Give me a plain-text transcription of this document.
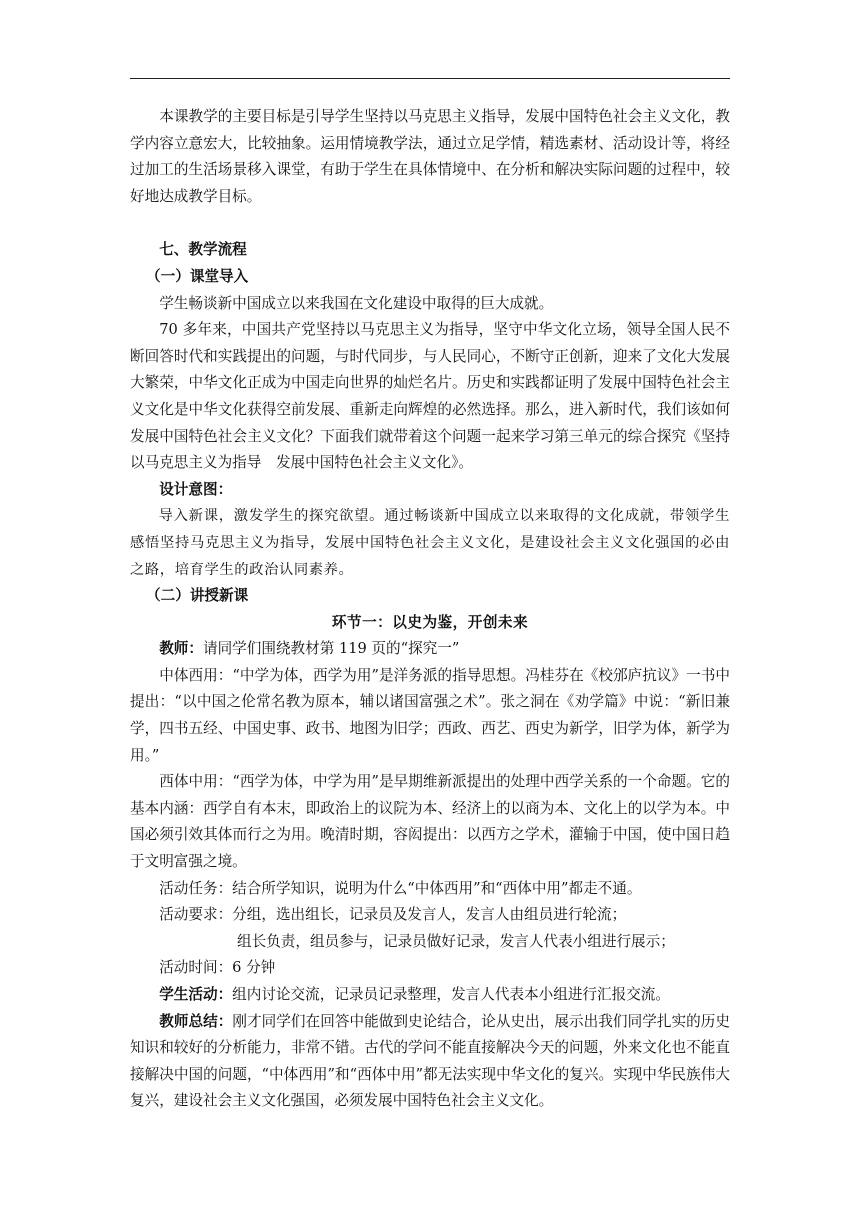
本课教学的主要目标是引导学生坚持以马克思主义指导，发展中国特色社会主义文化，教学内容立意宏大，比较抽象。运用情境教学法，通过立足学情，精选素材、活动设计等，将经过加工的生活场景移入课堂，有助于学生在具体情境中、在分析和解决实际问题的过程中，较好地达成教学目标。

七、教学流程

（一）课堂导入

学生畅谈新中国成立以来我国在文化建设中取得的巨大成就。

70 多年来，中国共产党坚持以马克思主义为指导，坚守中华文化立场，领导全国人民不断回答时代和实践提出的问题，与时代同步，与人民同心，不断守正创新，迎来了文化大发展大繁荣，中华文化正成为中国走向世界的灿烂名片。历史和实践都证明了发展中国特色社会主义文化是中华文化获得空前发展、重新走向辉煌的必然选择。那么，进入新时代，我们该如何发展中国特色社会主义文化？下面我们就带着这个问题一起来学习第三单元的综合探究《坚持以马克思主义为指导　发展中国特色社会主义文化》。

设计意图：

导入新课，激发学生的探究欲望。通过畅谈新中国成立以来取得的文化成就，带领学生感悟坚持马克思主义为指导，发展中国特色社会主义文化，是建设社会主义文化强国的必由之路，培育学生的政治认同素养。

（二）讲授新课

环节一：以史为鉴，开创未来

教师：请同学们围绕教材第 119 页的“探究一”

中体西用：“中学为体，西学为用”是洋务派的指导思想。冯桂芬在《校邠庐抗议》一书中提出：“以中国之伦常名教为原本，辅以诸国富强之术”。张之洞在《劝学篇》中说：“新旧兼学，四书五经、中国史事、政书、地图为旧学；西政、西艺、西史为新学，旧学为体，新学为用。”

西体中用：“西学为体，中学为用”是早期维新派提出的处理中西学关系的一个命题。它的基本内涵：西学自有本末，即政治上的议院为本、经济上的以商为本、文化上的以学为本。中国必须引效其体而行之为用。晚清时期，容闳提出：以西方之学术，灌输于中国，使中国日趋于文明富强之境。

活动任务：结合所学知识，说明为什么“中体西用”和“西体中用”都走不通。

活动要求：分组，选出组长，记录员及发言人，发言人由组员进行轮流；

组长负责，组员参与，记录员做好记录，发言人代表小组进行展示；

活动时间：6 分钟

学生活动：组内讨论交流，记录员记录整理，发言人代表本小组进行汇报交流。

教师总结：刚才同学们在回答中能做到史论结合，论从史出，展示出我们同学扎实的历史知识和较好的分析能力，非常不错。古代的学问不能直接解决今天的问题，外来文化也不能直接解决中国的问题，“中体西用”和“西体中用”都无法实现中华文化的复兴。实现中华民族伟大复兴，建设社会主义文化强国，必须发展中国特色社会主义文化。
